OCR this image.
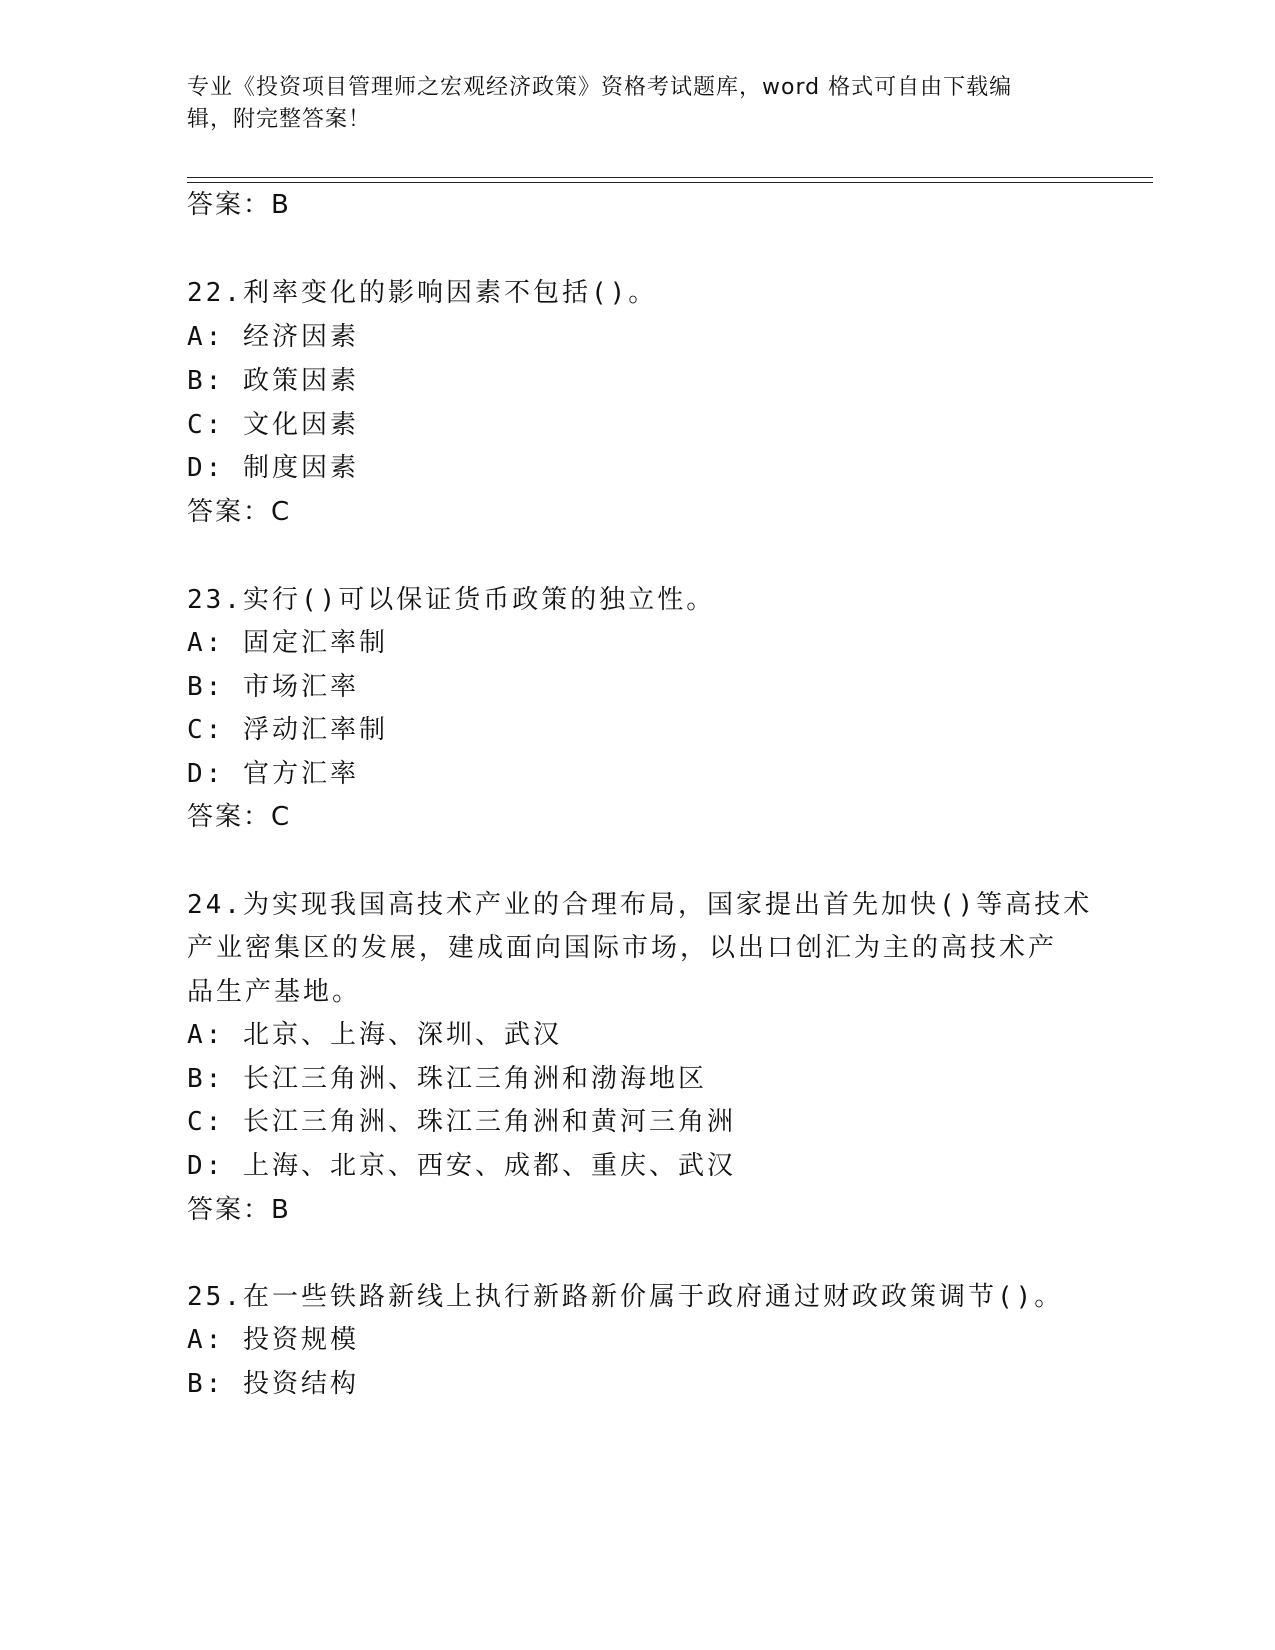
专业《投资项目管理师之宏观经济政策》资格考试题库，word 格式可自由下载编
辑，附完整答案！
答案：B
22.利率变化的影响因素不包括()。
A: 经济因素
B: 政策因素
C: 文化因素
D: 制度因素
答案：C
23.实行()可以保证货币政策的独立性。
A: 固定汇率制
B: 市场汇率
C: 浮动汇率制
D: 官方汇率
答案：C
24.为实现我国高技术产业的合理布局，国家提出首先加快()等高技术
产业密集区的发展，建成面向国际市场，以出口创汇为主的高技术产
品生产基地。
A: 北京、上海、深圳、武汉
B: 长江三角洲、珠江三角洲和渤海地区
C: 长江三角洲、珠江三角洲和黄河三角洲
D: 上海、北京、西安、成都、重庆、武汉
答案：B
25.在一些铁路新线上执行新路新价属于政府通过财政政策调节()。
A: 投资规模
B: 投资结构
